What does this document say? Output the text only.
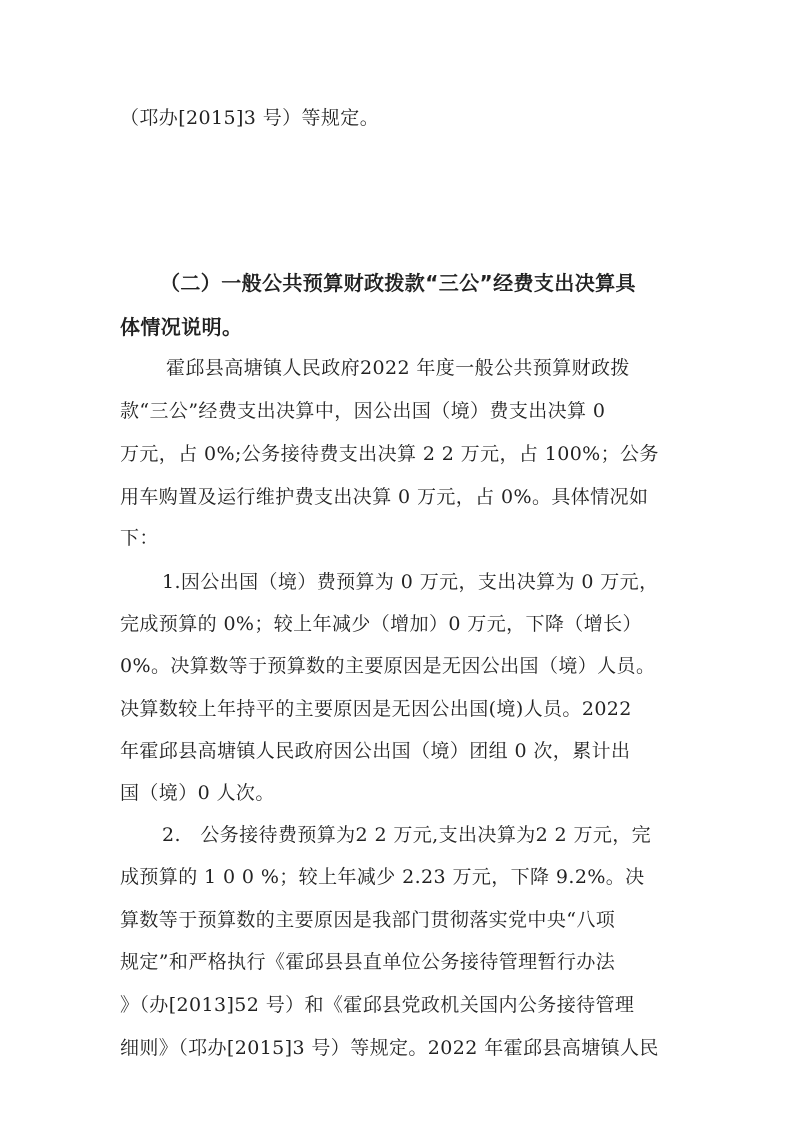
（邛办[2015]3 号）等规定。
（二）一般公共预算财政拨款“三公”经费支出决算具
体情况说明。
霍邱县高塘镇人民政府2022 年度一般公共预算财政拨
款“三公”经费支出决算中，因公出国（境）费支出决算 0
万元，占 0%;公务接待费支出决算 2 2 万元，占 100%；公务
用车购置及运行维护费支出决算 0 万元，占 0%。具体情况如
下：
1.因公出国（境）费预算为 0 万元，支出决算为 0 万元，
完成预算的 0%；较上年减少（增加）0 万元，下降（增长）
0%。决算数等于预算数的主要原因是无因公出国（境）人员。
决算数较上年持平的主要原因是无因公出国(境)人员。2022
年霍邱县高塘镇人民政府因公出国（境）团组 0 次，累计出
国（境）0 人次。
2.　公务接待费预算为2 2 万元,支出决算为2 2 万元，完
成预算的 1 0 0 %；较上年减少 2.23 万元，下降 9.2%。决
算数等于预算数的主要原因是我部门贯彻落实党中央“八项
规定”和严格执行《霍邱县县直单位公务接待管理暂行办法
》（办[2013]52 号）和《霍邱县党政机关国内公务接待管理
细则》（邛办[2015]3 号）等规定。2022 年霍邱县高塘镇人民
